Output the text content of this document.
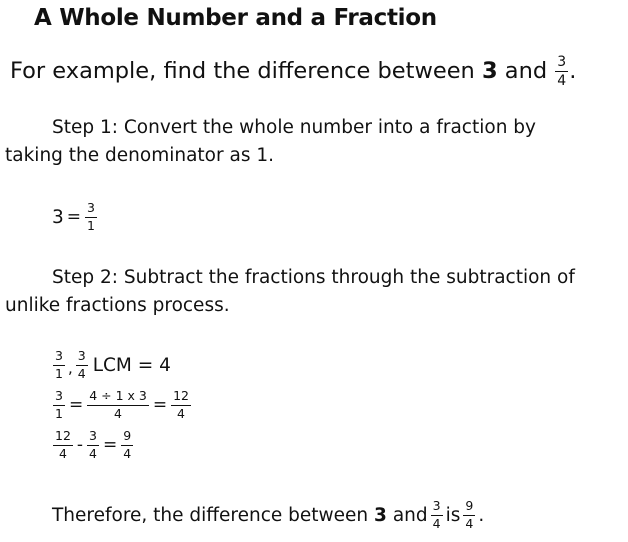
A Whole Number and a Fraction
For example, find the difference between 3 and $\frac{3}{4}$ .
Step 1: Convert the whole number into a fraction by
taking the denominator as 1.
$3 = \frac{3}{1}$
Step 2: Subtract the fractions through the subtraction of
unlike fractions process.
$\frac{3}{1}$ , $\frac{3}{4}$ LCM = 4
$\frac{3}{1} = \frac{4 \div 1 x 3}{4} = \frac{12}{4}$
$\frac{12}{4} - \frac{3}{4} = \frac{9}{4}$
Therefore, the difference between
3
and $\frac{3}{4}$ is $\frac{9}{4}$ .
